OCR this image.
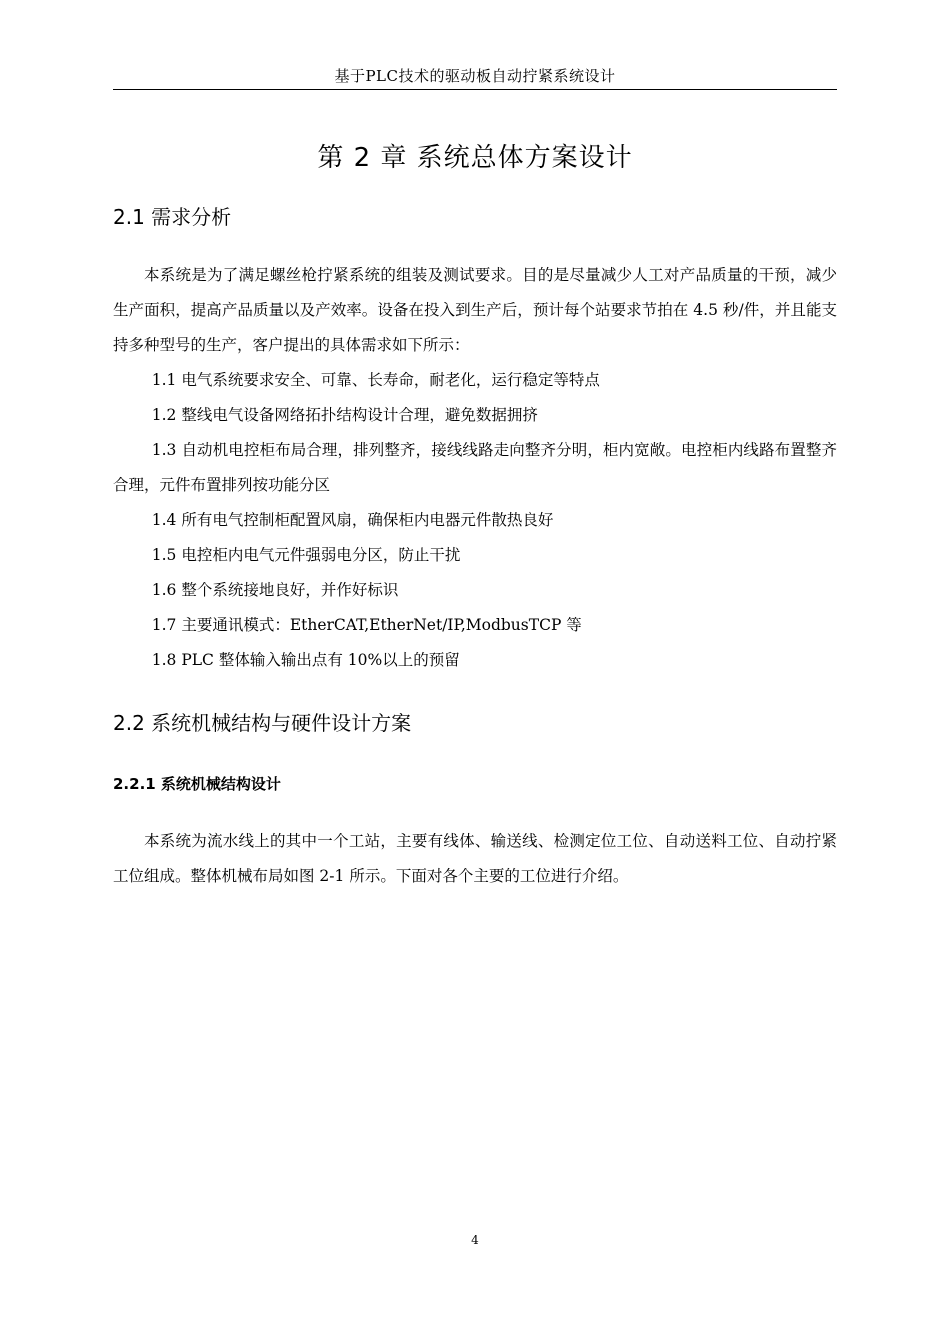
基于PLC技术的驱动板自动拧紧系统设计
第 2 章 系统总体方案设计
2.1 需求分析
本系统是为了满足螺丝枪拧紧系统的组装及测试要求。目的是尽量减少人工对产品质量的干预，减少生产面积，提高产品质量以及产效率。设备在投入到生产后，预计每个站要求节拍在 4.5 秒/件，并且能支持多种型号的生产，客户提出的具体需求如下所示：
1.1 电气系统要求安全、可靠、长寿命，耐老化，运行稳定等特点
1.2 整线电气设备网络拓扑结构设计合理，避免数据拥挤
1.3 自动机电控柜布局合理，排列整齐，接线线路走向整齐分明，柜内宽敞。电控柜内线路布置整齐合理，元件布置排列按功能分区
1.4 所有电气控制柜配置风扇，确保柜内电器元件散热良好
1.5 电控柜内电气元件强弱电分区，防止干扰
1.6 整个系统接地良好，并作好标识
1.7 主要通讯模式：EtherCAT,EtherNet/IP,ModbusTCP 等
1.8 PLC 整体输入输出点有 10%以上的预留
2.2 系统机械结构与硬件设计方案
2.2.1 系统机械结构设计
本系统为流水线上的其中一个工站，主要有线体、输送线、检测定位工位、自动送料工位、自动拧紧工位组成。整体机械布局如图 2-1 所示。下面对各个主要的工位进行介绍。
4
